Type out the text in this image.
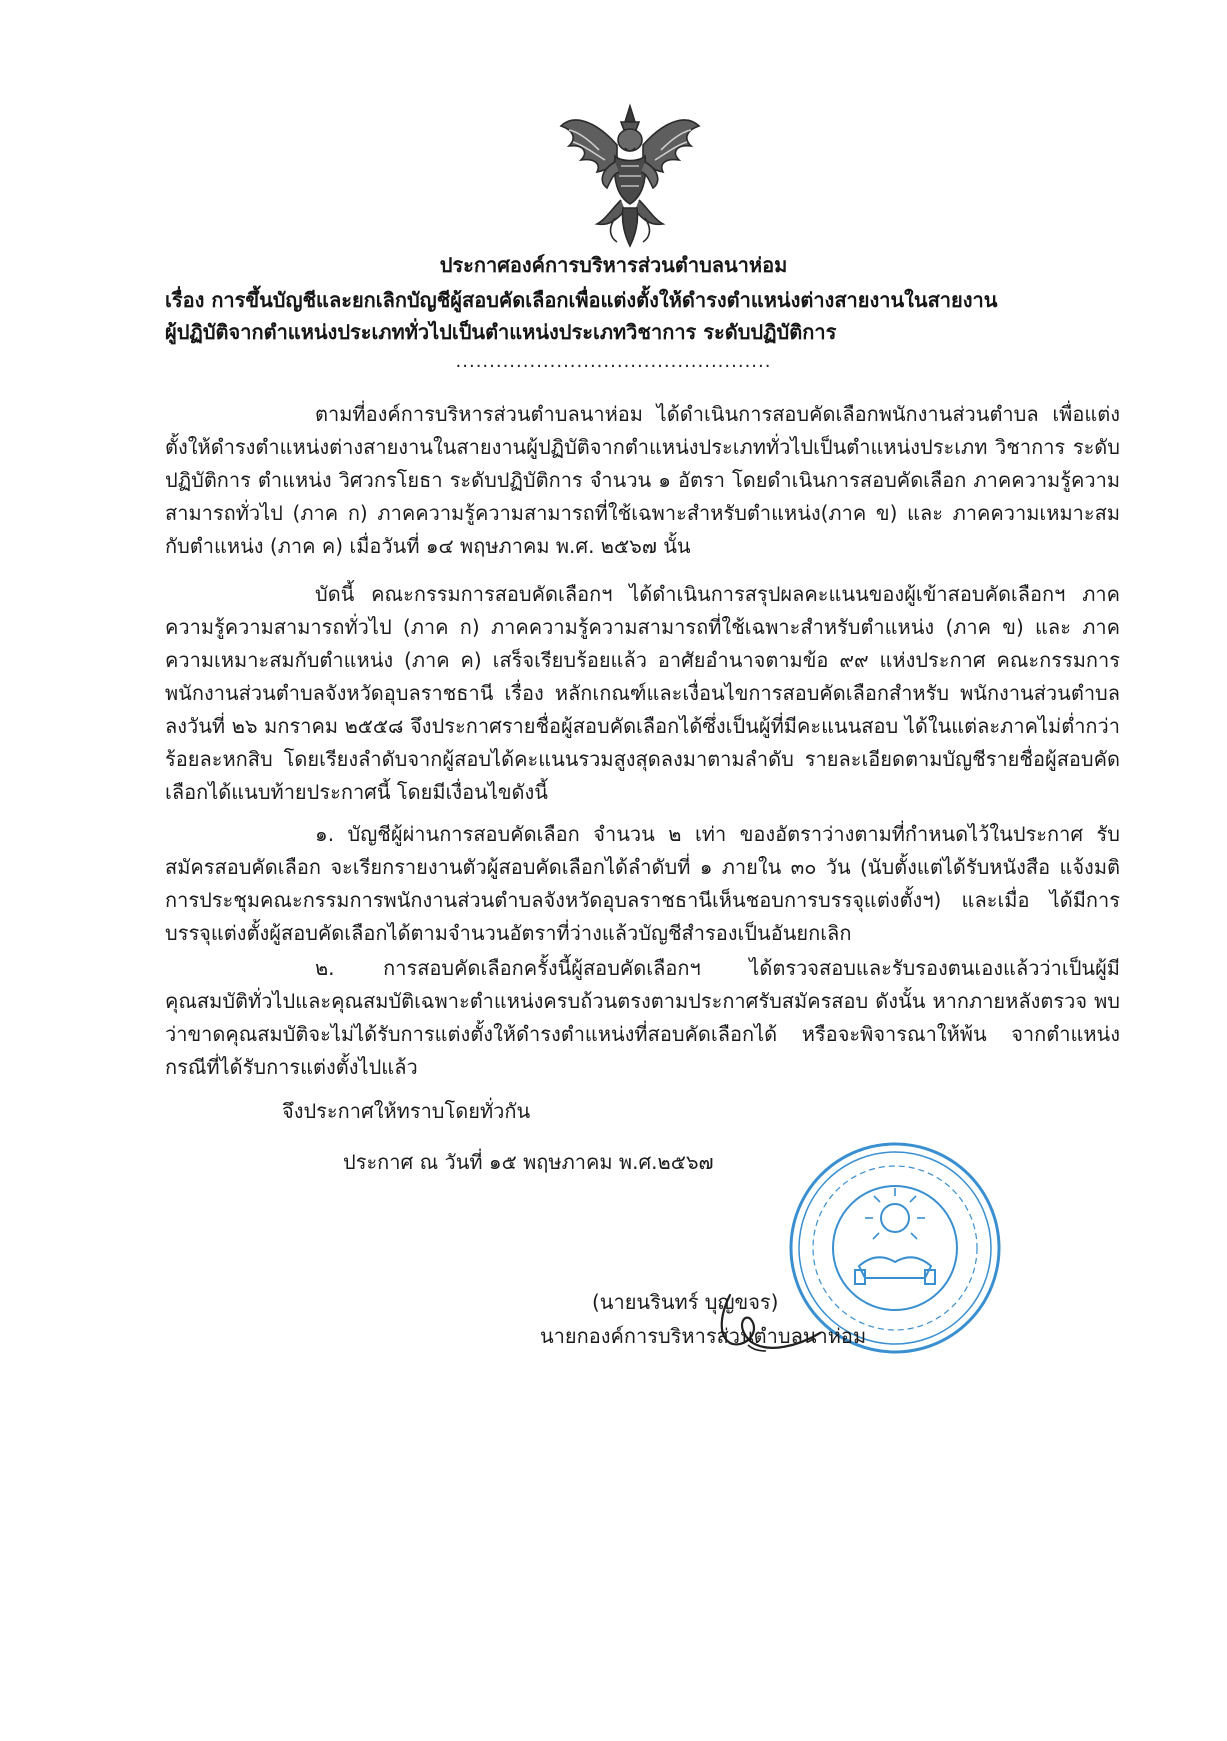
ประกาศองค์การบริหารส่วนตำบลนาห่อม
เรื่อง การขึ้นบัญชีและยกเลิกบัญชีผู้สอบคัดเลือกเพื่อแต่งตั้งให้ดำรงตำแหน่งต่างสายงานในสายงาน
ผู้ปฏิบัติจากตำแหน่งประเภททั่วไปเป็นตำแหน่งประเภทวิชาการ ระดับปฏิบัติการ
...............................................
ตามที่องค์การบริหารส่วนตำบลนาห่อม ได้ดำเนินการสอบคัดเลือกพนักงานส่วนตำบล เพื่อแต่งตั้งให้ดำรงตำแหน่งต่างสายงานในสายงานผู้ปฏิบัติจากตำแหน่งประเภททั่วไปเป็นตำแหน่งประเภท วิชาการ ระดับปฏิบัติการ ตำแหน่ง วิศวกรโยธา ระดับปฏิบัติการ จำนวน ๑ อัตรา โดยดำเนินการสอบคัดเลือก ภาคความรู้ความสามารถทั่วไป (ภาค ก) ภาคความรู้ความสามารถที่ใช้เฉพาะสำหรับตำแหน่ง(ภาค ข) และ ภาคความเหมาะสมกับตำแหน่ง (ภาค ค) เมื่อวันที่ ๑๔ พฤษภาคม พ.ศ. ๒๕๖๗ นั้น
บัดนี้ คณะกรรมการสอบคัดเลือกฯ ได้ดำเนินการสรุปผลคะแนนของผู้เข้าสอบคัดเลือกฯ ภาคความรู้ความสามารถทั่วไป (ภาค ก) ภาคความรู้ความสามารถที่ใช้เฉพาะสำหรับตำแหน่ง (ภาค ข) และ ภาคความเหมาะสมกับตำแหน่ง (ภาค ค) เสร็จเรียบร้อยแล้ว อาศัยอำนาจตามข้อ ๙๙ แห่งประกาศ คณะกรรมการพนักงานส่วนตำบลจังหวัดอุบลราชธานี เรื่อง หลักเกณฑ์และเงื่อนไขการสอบคัดเลือกสำหรับ พนักงานส่วนตำบล ลงวันที่ ๒๖ มกราคม ๒๕๕๘ จึงประกาศรายชื่อผู้สอบคัดเลือกได้ซึ่งเป็นผู้ที่มีคะแนนสอบ ได้ในแต่ละภาคไม่ต่ำกว่าร้อยละหกสิบ โดยเรียงลำดับจากผู้สอบได้คะแนนรวมสูงสุดลงมาตามลำดับ รายละเอียดตามบัญชีรายชื่อผู้สอบคัดเลือกได้แนบท้ายประกาศนี้ โดยมีเงื่อนไขดังนี้
๑. บัญชีผู้ผ่านการสอบคัดเลือก จำนวน ๒ เท่า ของอัตราว่างตามที่กำหนดไว้ในประกาศ รับสมัครสอบคัดเลือก จะเรียกรายงานตัวผู้สอบคัดเลือกได้ลำดับที่ ๑ ภายใน ๓๐ วัน (นับตั้งแต่ได้รับหนังสือ แจ้งมติการประชุมคณะกรรมการพนักงานส่วนตำบลจังหวัดอุบลราชธานีเห็นชอบการบรรจุแต่งตั้งฯ) และเมื่อ ได้มีการบรรจุแต่งตั้งผู้สอบคัดเลือกได้ตามจำนวนอัตราที่ว่างแล้วบัญชีสำรองเป็นอันยกเลิก
๒. การสอบคัดเลือกครั้งนี้ผู้สอบคัดเลือกฯ ได้ตรวจสอบและรับรองตนเองแล้วว่าเป็นผู้มี คุณสมบัติทั่วไปและคุณสมบัติเฉพาะตำแหน่งครบถ้วนตรงตามประกาศรับสมัครสอบ ดังนั้น หากภายหลังตรวจ พบว่าขาดคุณสมบัติจะไม่ได้รับการแต่งตั้งให้ดำรงตำแหน่งที่สอบคัดเลือกได้ หรือจะพิจารณาให้พ้น จากตำแหน่งกรณีที่ได้รับการแต่งตั้งไปแล้ว
จึงประกาศให้ทราบโดยทั่วกัน
ประกาศ ณ วันที่ ๑๕ พฤษภาคม พ.ศ.๒๕๖๗
(นายนรินทร์ บุญขจร)
นายกองค์การบริหารส่วนตำบลนาห่อม
